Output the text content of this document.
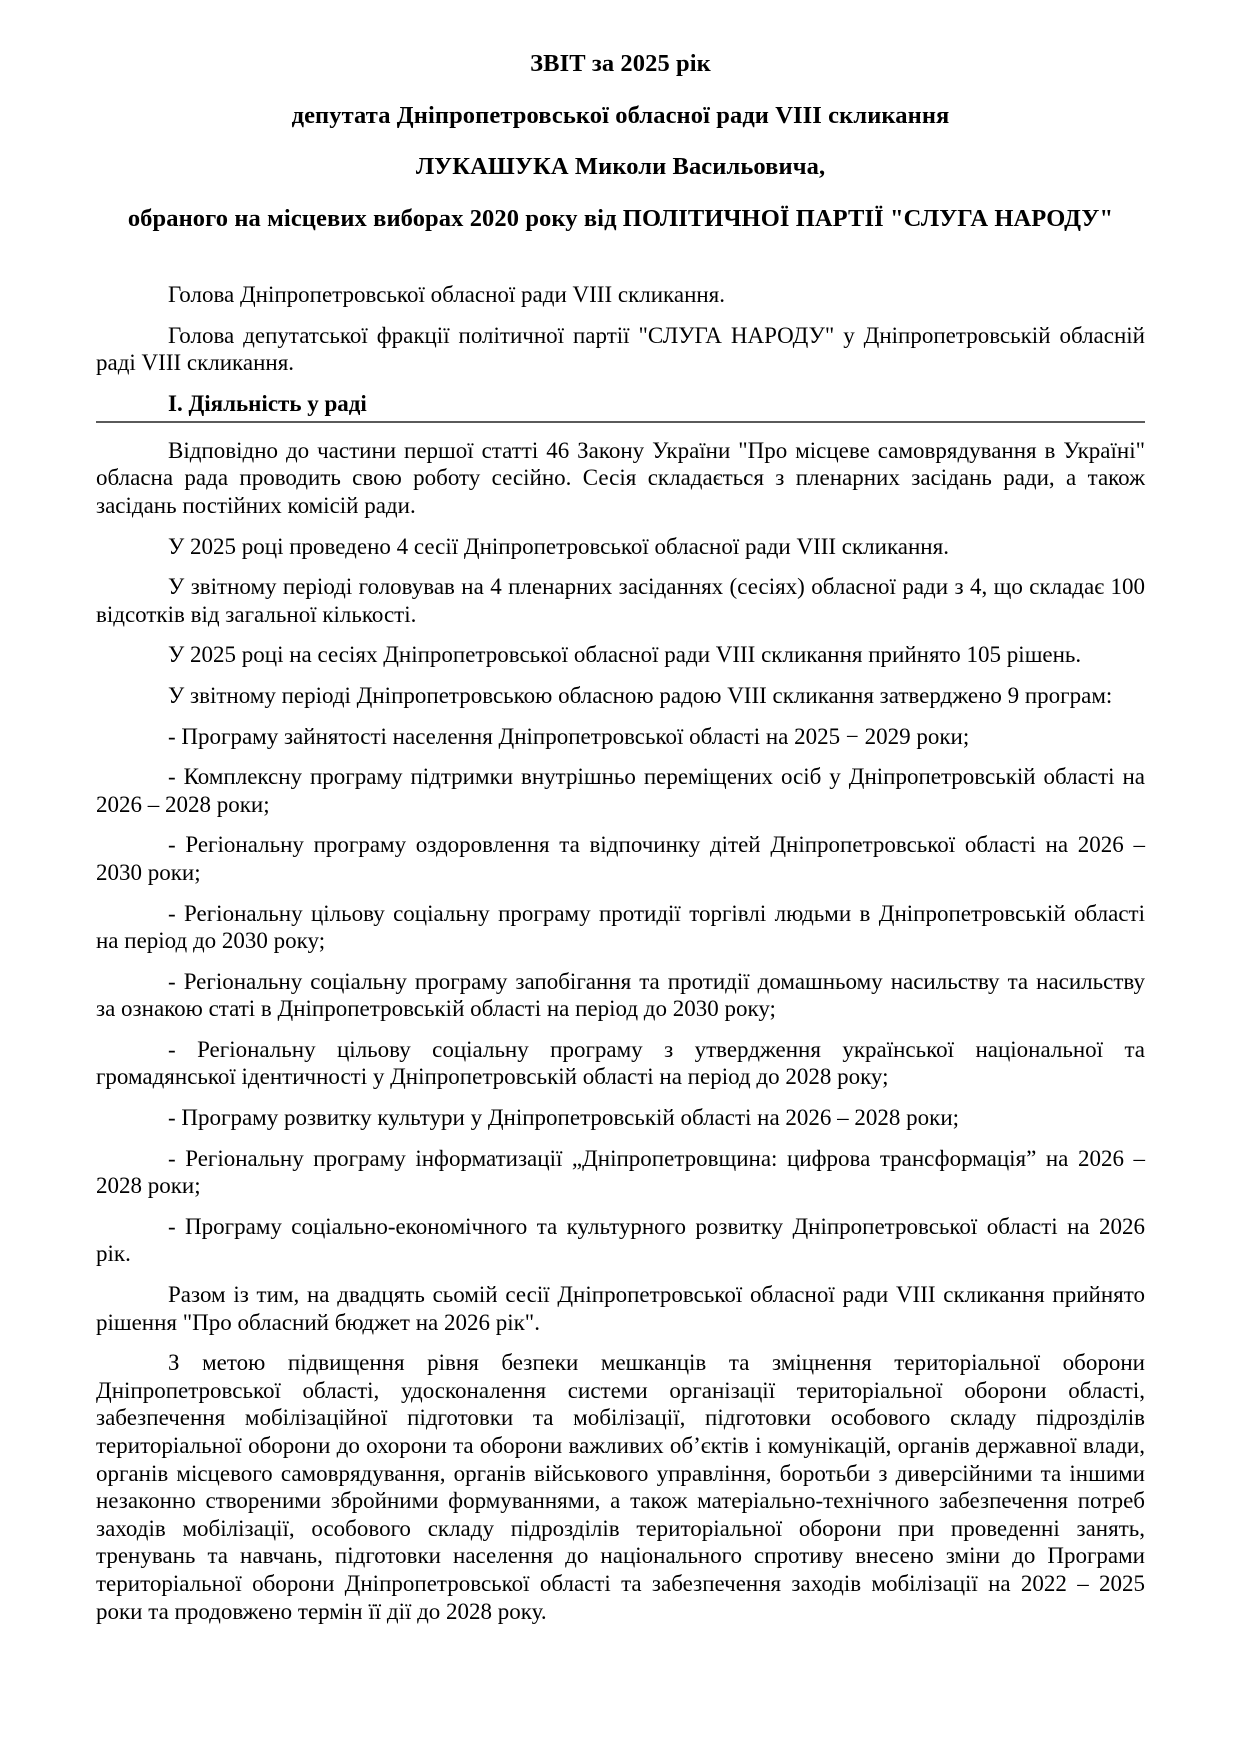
ЗВІТ за 2025 рік
депутата Дніпропетровської обласної ради VIII скликання
ЛУКАШУКА Миколи Васильовича,
обраного на місцевих виборах 2020 року від ПОЛІТИЧНОЇ ПАРТІЇ "СЛУГА НАРОДУ"

Голова Дніпропетровської обласної ради VIII скликання.

Голова депутатської фракції політичної партії "СЛУГА НАРОДУ" у Дніпропетровській обласній раді VIII скликання.

I. Діяльність у раді

Відповідно до частини першої статті 46 Закону України "Про місцеве самоврядування в Україні" обласна рада проводить свою роботу сесійно. Сесія складається з пленарних засідань ради, а також засідань постійних комісій ради.

У 2025 році проведено 4 сесії Дніпропетровської обласної ради VIII скликання.

У звітному періоді головував на 4 пленарних засіданнях (сесіях) обласної ради з 4, що складає 100 відсотків від загальної кількості.

У 2025 році на сесіях Дніпропетровської обласної ради VIII скликання прийнято 105 рішень.

У звітному періоді Дніпропетровською обласною радою VIII скликання затверджено 9 програм:

- Програму зайнятості населення Дніпропетровської області на 2025 − 2029 роки;

- Комплексну програму підтримки внутрішньо переміщених осіб у Дніпропетровській області на 2026 – 2028 роки;

- Регіональну програму оздоровлення та відпочинку дітей Дніпропетровської області на 2026 – 2030 роки;

- Регіональну цільову соціальну програму протидії торгівлі людьми в Дніпропетровській області на період до 2030 року;

- Регіональну соціальну програму запобігання та протидії домашньому насильству та насильству за ознакою статі в Дніпропетровській області на період до 2030 року;

- Регіональну цільову соціальну програму з утвердження української національної та громадянської ідентичності у Дніпропетровській області на період до 2028 року;

- Програму розвитку культури у Дніпропетровській області на 2026 – 2028 роки;

- Регіональну програму інформатизації „Дніпропетровщина: цифрова трансформація” на 2026 – 2028 роки;

- Програму соціально-економічного та культурного розвитку Дніпропетровської області на 2026 рік.

Разом із тим, на двадцять сьомій сесії Дніпропетровської обласної ради VIII скликання прийнято рішення "Про обласний бюджет на 2026 рік".

З метою підвищення рівня безпеки мешканців та зміцнення територіальної оборони Дніпропетровської області, удосконалення системи організації територіальної оборони області, забезпечення мобілізаційної підготовки та мобілізації, підготовки особового складу підрозділів територіальної оборони до охорони та оборони важливих об’єктів і комунікацій, органів державної влади, органів місцевого самоврядування, органів військового управління, боротьби з диверсійними та іншими незаконно створеними збройними формуваннями, а також матеріально-технічного забезпечення потреб заходів мобілізації, особового складу підрозділів територіальної оборони при проведенні занять, тренувань та навчань, підготовки населення до національного спротиву внесено зміни до Програми територіальної оборони Дніпропетровської області та забезпечення заходів мобілізації на 2022 – 2025 роки та продовжено термін її дії до 2028 року.
